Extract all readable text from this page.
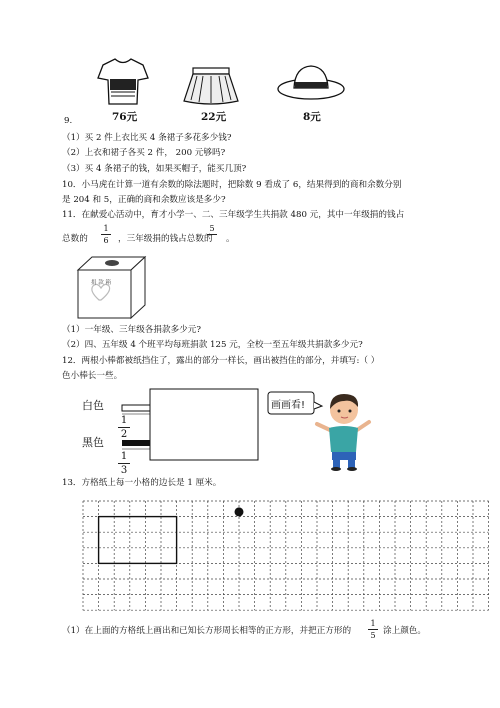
76元	22元	8元
9.
（1）买 2 件上衣比买 4 条裙子多花多少钱?
（2）上衣和裙子各买 2 件， 200 元够吗?
（3）买 4 条裙子的钱，如果买帽子，能买几顶?
10．小马虎在计算一道有余数的除法题时，把除数 9 看成了 6，结果得到的商和余数分别
是 204 和 5，正确的商和余数应该是多少?
11．在献爱心活动中，育才小学一、二、三年级学生共捐款 480 元，其中一年级捐的钱占
1
6
总数的	，三年级捐的钱占总数的
5
。
捐 款 箱
（1）一年级、三年级各捐款多少元?
（2）四、五年级 4 个班平均每班捐款 125 元，全校一至五年级共捐款多少元?
12．两根小棒都被纸挡住了，露出的部分一样长，画出被挡住的部分，并填写:（ ）
色小棒长一些。
白色
黑色
1
2
1
3
画画看!
13．方格纸上每一小格的边长是 1 厘米。
（1）在上面的方格纸上画出和已知长方形周长相等的正方形，并把正方形的
1
5 涂上颜色。
